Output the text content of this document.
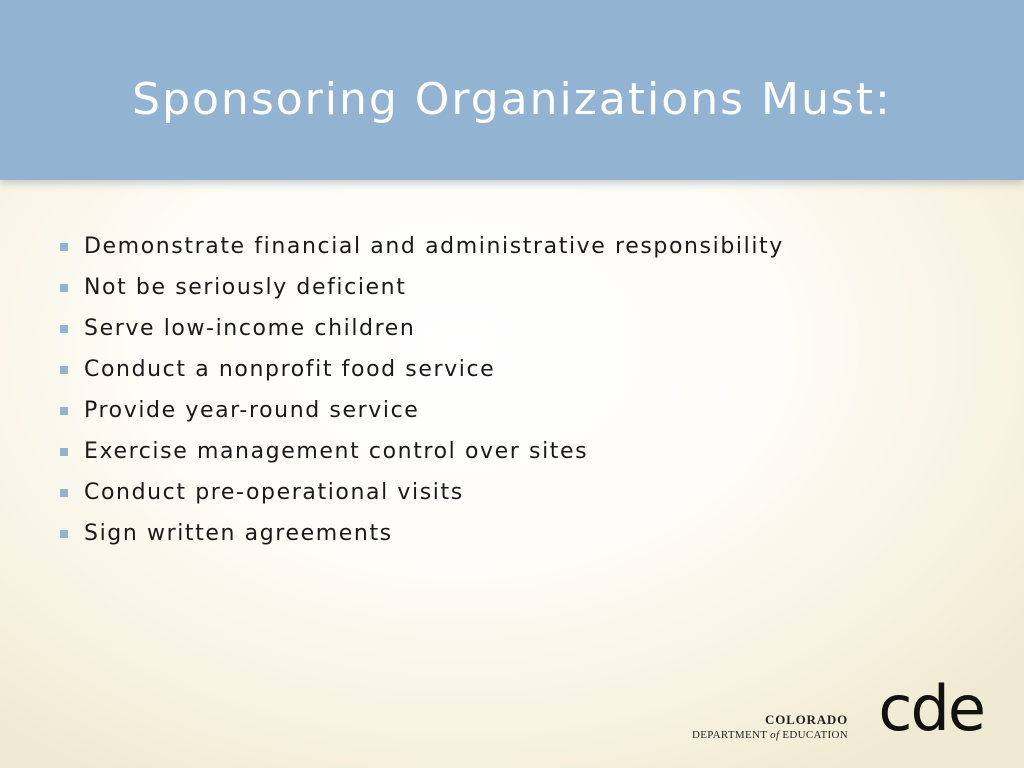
Sponsoring Organizations Must:
Demonstrate financial and administrative responsibility
Not be seriously deficient
Serve low-income children
Conduct a nonprofit food service
Provide year-round service
Exercise management control over sites
Conduct pre-operational visits
Sign written agreements
COLORADO
DEPARTMENT of EDUCATION cde
